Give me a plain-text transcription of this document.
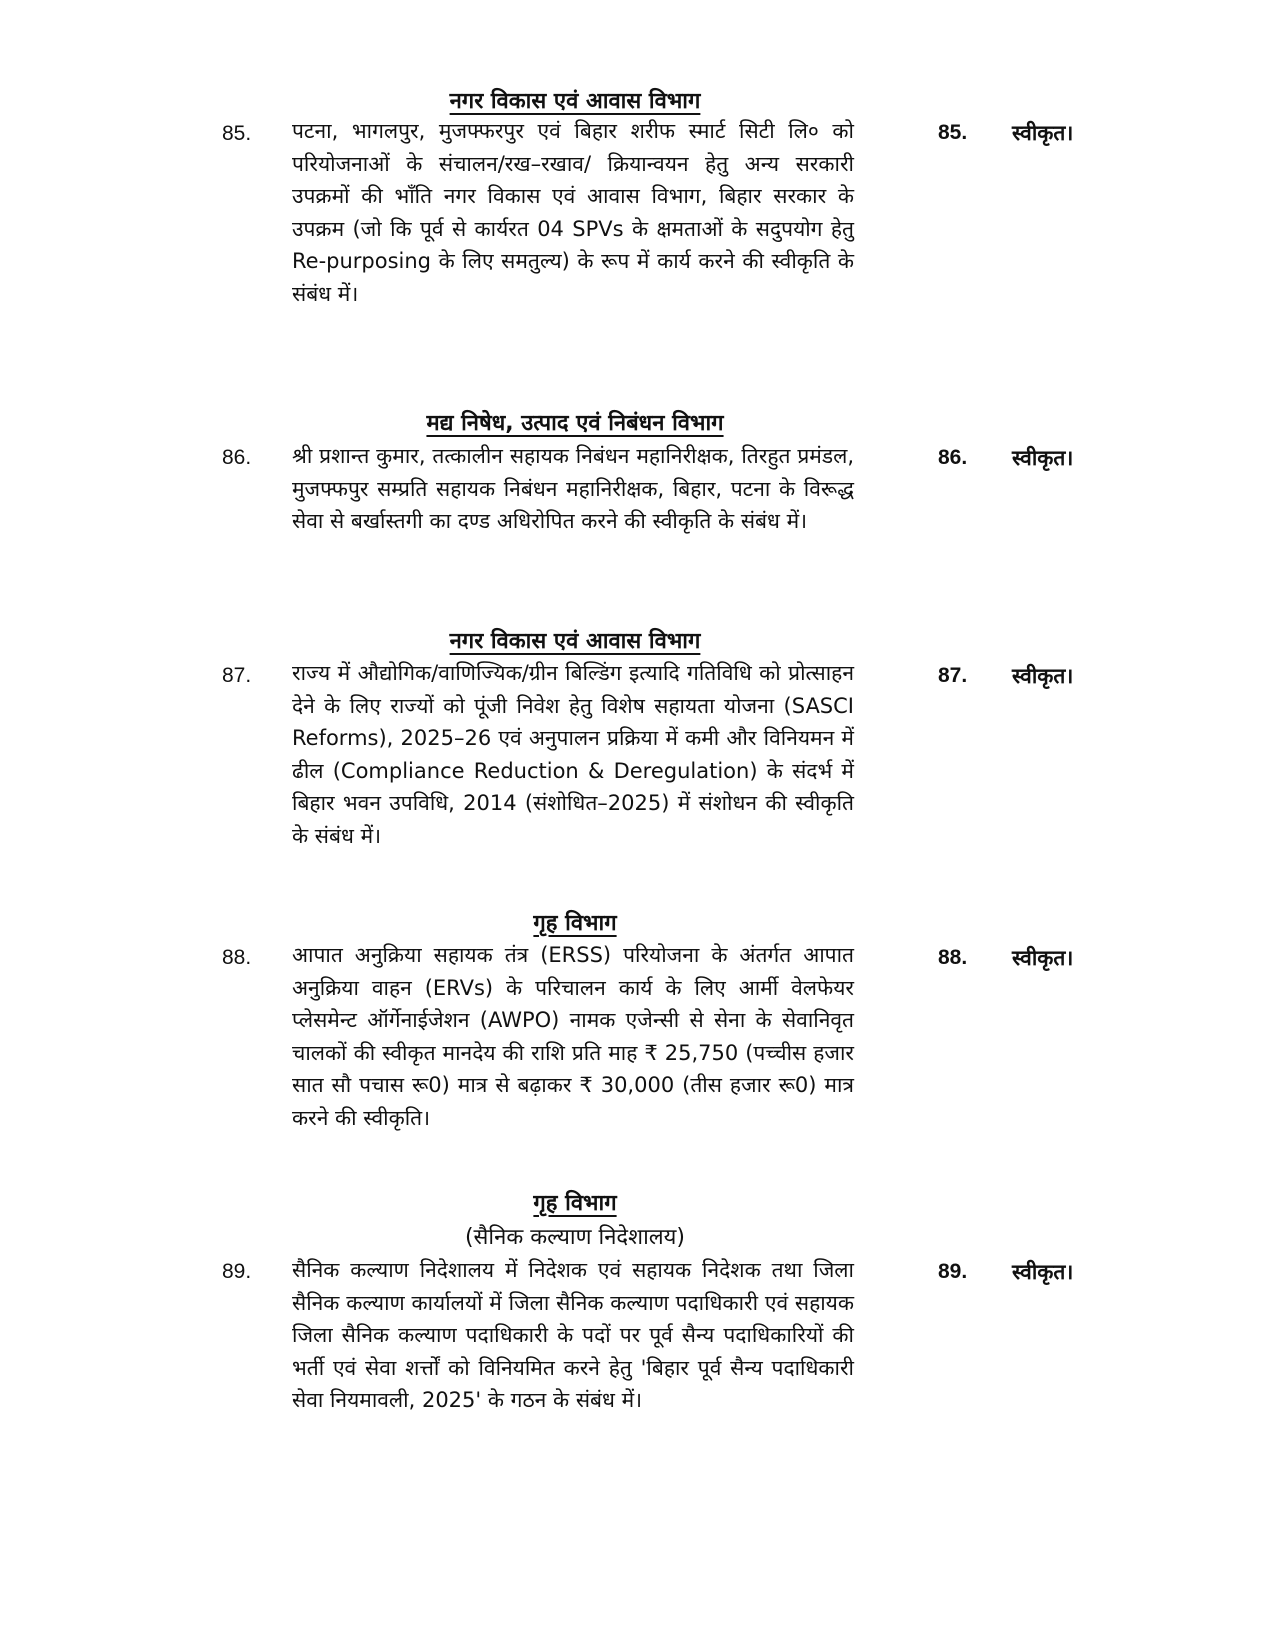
नगर विकास एवं आवास विभाग
85. पटना, भागलपुर, मुजफ्फरपुर एवं बिहार शरीफ स्मार्ट सिटी लि० को परियोजनाओं के संचालन/रख–रखाव/ क्रियान्वयन हेतु अन्य सरकारी उपक्रमों की भाँति नगर विकास एवं आवास विभाग, बिहार सरकार के उपक्रम (जो कि पूर्व से कार्यरत 04 SPVs के क्षमताओं के सदुपयोग हेतु Re-purposing के लिए समतुल्य) के रूप में कार्य करने की स्वीकृति के संबंध में।
85. स्वीकृत।
मद्य निषेध, उत्पाद एवं निबंधन विभाग
86. श्री प्रशान्त कुमार, तत्कालीन सहायक निबंधन महानिरीक्षक, तिरहुत प्रमंडल, मुजफ्फपुर सम्प्रति सहायक निबंधन महानिरीक्षक, बिहार, पटना के विरूद्ध सेवा से बर्खास्तगी का दण्ड अधिरोपित करने की स्वीकृति के संबंध में।
86. स्वीकृत।
नगर विकास एवं आवास विभाग
87. राज्य में औद्योगिक/वाणिज्यिक/ग्रीन बिल्डिंग इत्यादि गतिविधि को प्रोत्साहन देने के लिए राज्यों को पूंजी निवेश हेतु विशेष सहायता योजना (SASCI Reforms), 2025–26 एवं अनुपालन प्रक्रिया में कमी और विनियमन में ढील (Compliance Reduction & Deregulation) के संदर्भ में बिहार भवन उपविधि, 2014 (संशोधित–2025) में संशोधन की स्वीकृति के संबंध में।
87. स्वीकृत।
गृह विभाग
88. आपात अनुक्रिया सहायक तंत्र (ERSS) परियोजना के अंतर्गत आपात अनुक्रिया वाहन (ERVs) के परिचालन कार्य के लिए आर्मी वेलफेयर प्लेसमेन्ट ऑर्गेनाईजेशन (AWPO) नामक एजेन्सी से सेना के सेवानिवृत चालकों की स्वीकृत मानदेय की राशि प्रति माह ₹ 25,750 (पच्चीस हजार सात सौ पचास रू0) मात्र से बढ़ाकर ₹ 30,000 (तीस हजार रू0) मात्र करने की स्वीकृति।
88. स्वीकृत।
गृह विभाग
(सैनिक कल्याण निदेशालय)
89. सैनिक कल्याण निदेशालय में निदेशक एवं सहायक निदेशक तथा जिला सैनिक कल्याण कार्यालयों में जिला सैनिक कल्याण पदाधिकारी एवं सहायक जिला सैनिक कल्याण पदाधिकारी के पदों पर पूर्व सैन्य पदाधिकारियों की भर्ती एवं सेवा शर्त्तों को विनियमित करने हेतु 'बिहार पूर्व सैन्य पदाधिकारी सेवा नियमावली, 2025' के गठन के संबंध में।
89. स्वीकृत।
